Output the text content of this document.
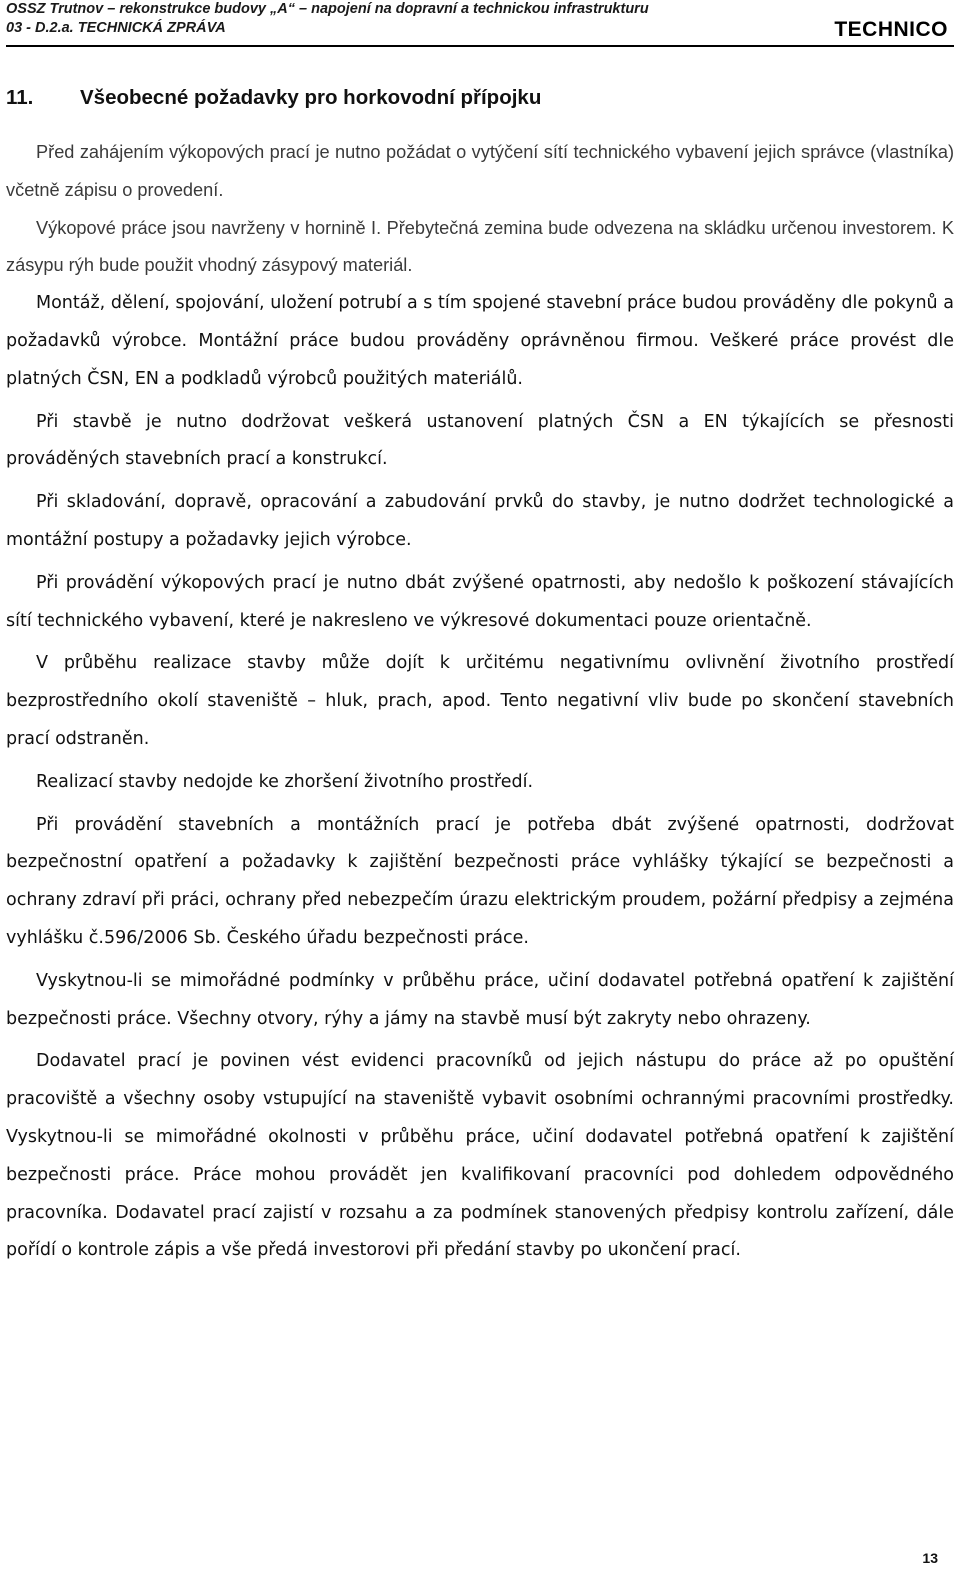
OSSZ Trutnov – rekonstrukce budovy „A“ – napojení na dopravní a technickou infrastrukturu
03 - D.2.a. TECHNICKÁ ZPRÁVA	TECHNICO
11. Všeobecné požadavky pro horkovodní přípojku

Před zahájením výkopových prací je nutno požádat o vytýčení sítí technického vybavení jejich správce (vlastníka) včetně zápisu o provedení.

Výkopové práce jsou navrženy v hornině I. Přebytečná zemina bude odvezena na skládku určenou investorem. K zásypu rýh bude použit vhodný zásypový materiál.

Montáž, dělení, spojování, uložení potrubí a s tím spojené stavební práce budou prováděny dle pokynů a požadavků výrobce. Montážní práce budou prováděny oprávněnou firmou. Veškeré práce provést dle platných ČSN, EN a podkladů výrobců použitých materiálů.

Při stavbě je nutno dodržovat veškerá ustanovení platných ČSN a EN týkajících se přesnosti prováděných stavebních prací a konstrukcí.

Při skladování, dopravě, opracování a zabudování prvků do stavby, je nutno dodržet technologické a montážní postupy a požadavky jejich výrobce.

Při provádění výkopových prací je nutno dbát zvýšené opatrnosti, aby nedošlo k poškození stávajících sítí technického vybavení, které je nakresleno ve výkresové dokumentaci pouze orientačně.

V průběhu realizace stavby může dojít k určitému negativnímu ovlivnění životního prostředí bezprostředního okolí staveniště – hluk, prach, apod. Tento negativní vliv bude po skončení stavebních prací odstraněn.

Realizací stavby nedojde ke zhoršení životního prostředí.

Při provádění stavebních a montážních prací je potřeba dbát zvýšené opatrnosti, dodržovat bezpečnostní opatření a požadavky k zajištění bezpečnosti práce vyhlášky týkající se bezpečnosti a ochrany zdraví při práci, ochrany před nebezpečím úrazu elektrickým proudem, požární předpisy a zejména vyhlášku č.596/2006 Sb. Českého úřadu bezpečnosti práce.

Vyskytnou-li se mimořádné podmínky v průběhu práce, učiní dodavatel potřebná opatření k zajištění bezpečnosti práce. Všechny otvory, rýhy a jámy na stavbě musí být zakryty nebo ohrazeny.

Dodavatel prací je povinen vést evidenci pracovníků od jejich nástupu do práce až po opuštění pracoviště a všechny osoby vstupující na staveniště vybavit osobními ochrannými pracovními prostředky. Vyskytnou-li se mimořádné okolnosti v průběhu práce, učiní dodavatel potřebná opatření k zajištění bezpečnosti práce. Práce mohou provádět jen kvalifikovaní pracovníci pod dohledem odpovědného pracovníka. Dodavatel prací zajistí v rozsahu a za podmínek stanovených předpisy kontrolu zařízení, dále pořídí o kontrole zápis a vše předá investorovi při předání stavby po ukončení prací.

13
